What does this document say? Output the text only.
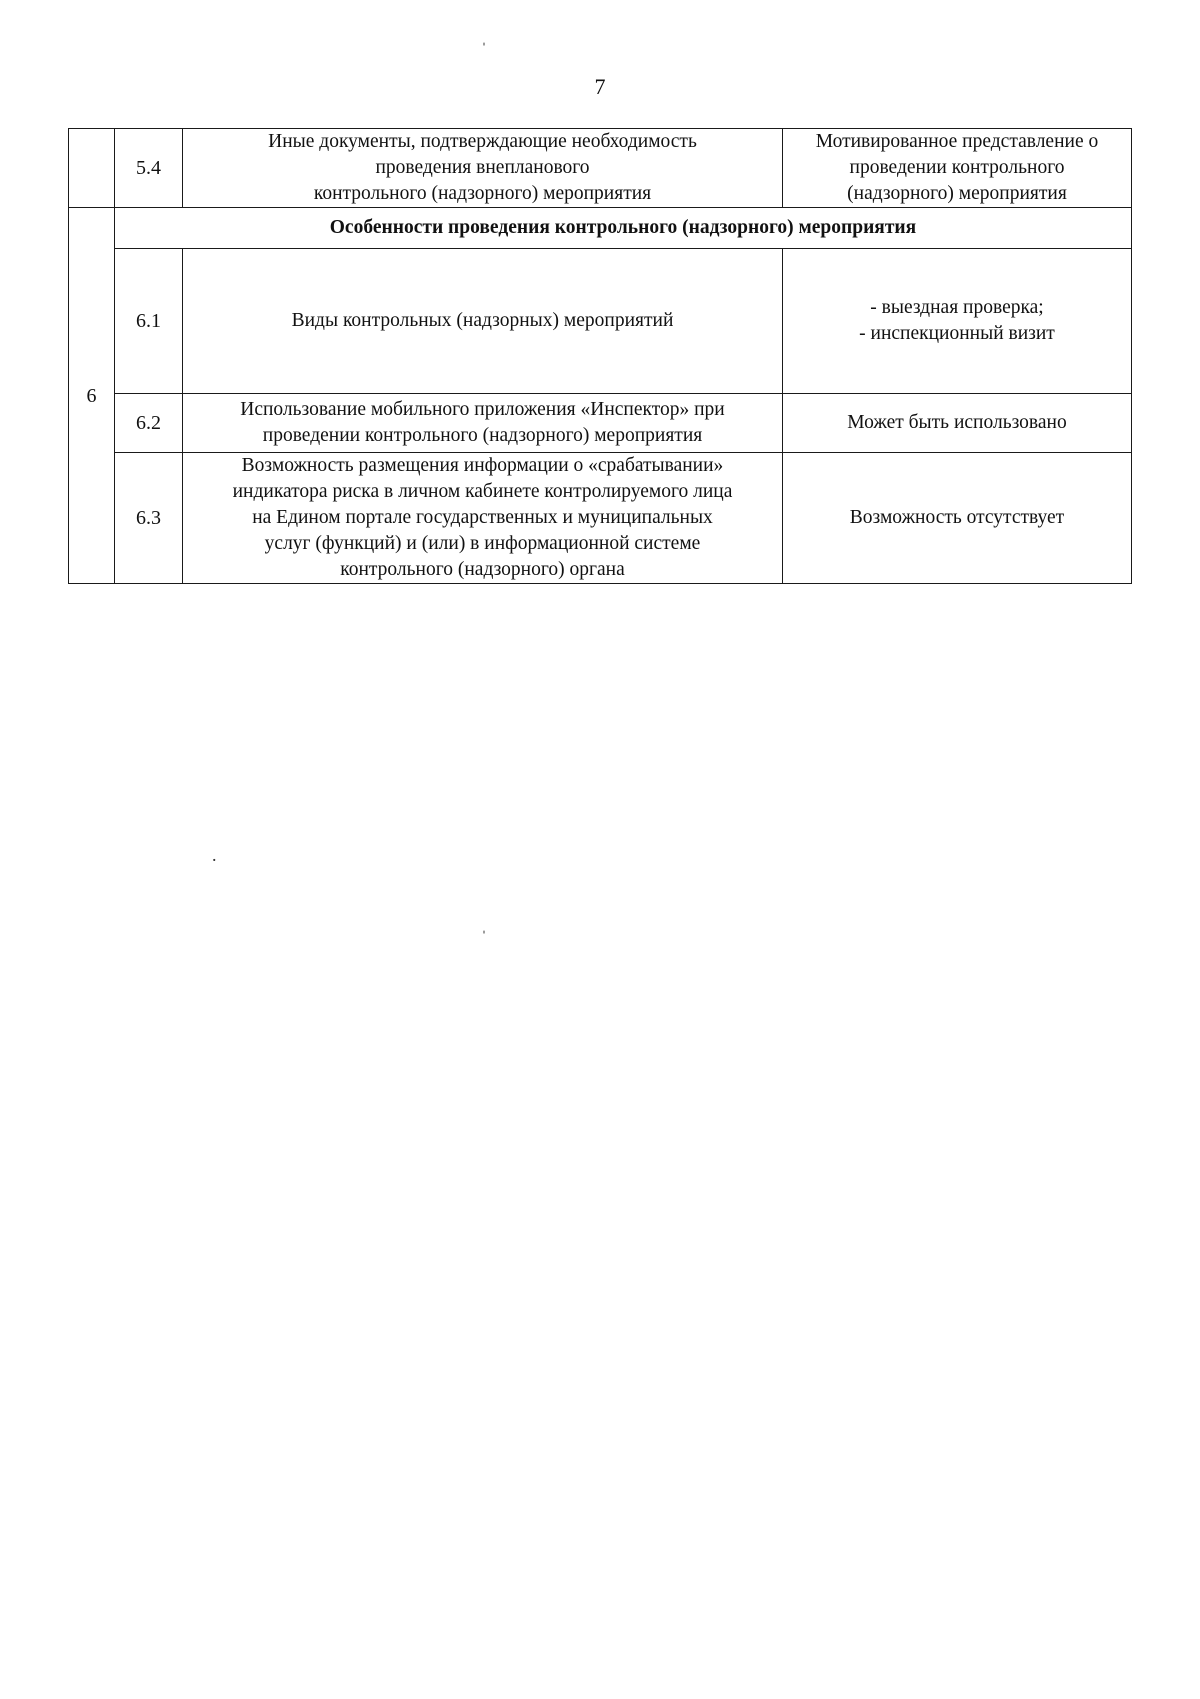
ˈ
.
ˈ
7
	5.4	Иные документы, подтверждающие необходимость
проведения внепланового
контрольного (надзорного) мероприятия	Мотивированное представление о
проведении контрольного
(надзорного) мероприятия
6	Особенности проведения контрольного (надзорного) мероприятия		
	6.1	Виды контрольных (надзорных) мероприятий	- выездная проверка;
- инспекционный визит
	6.2	Использование мобильного приложения «Инспектор» при
проведении контрольного (надзорного) мероприятия	Может быть использовано
	6.3	Возможность размещения информации о «срабатывании»
индикатора риска в личном кабинете контролируемого лица
на Едином портале государственных и муниципальных
услуг (функций) и (или) в информационной системе
контрольного (надзорного) органа	Возможность отсутствует
